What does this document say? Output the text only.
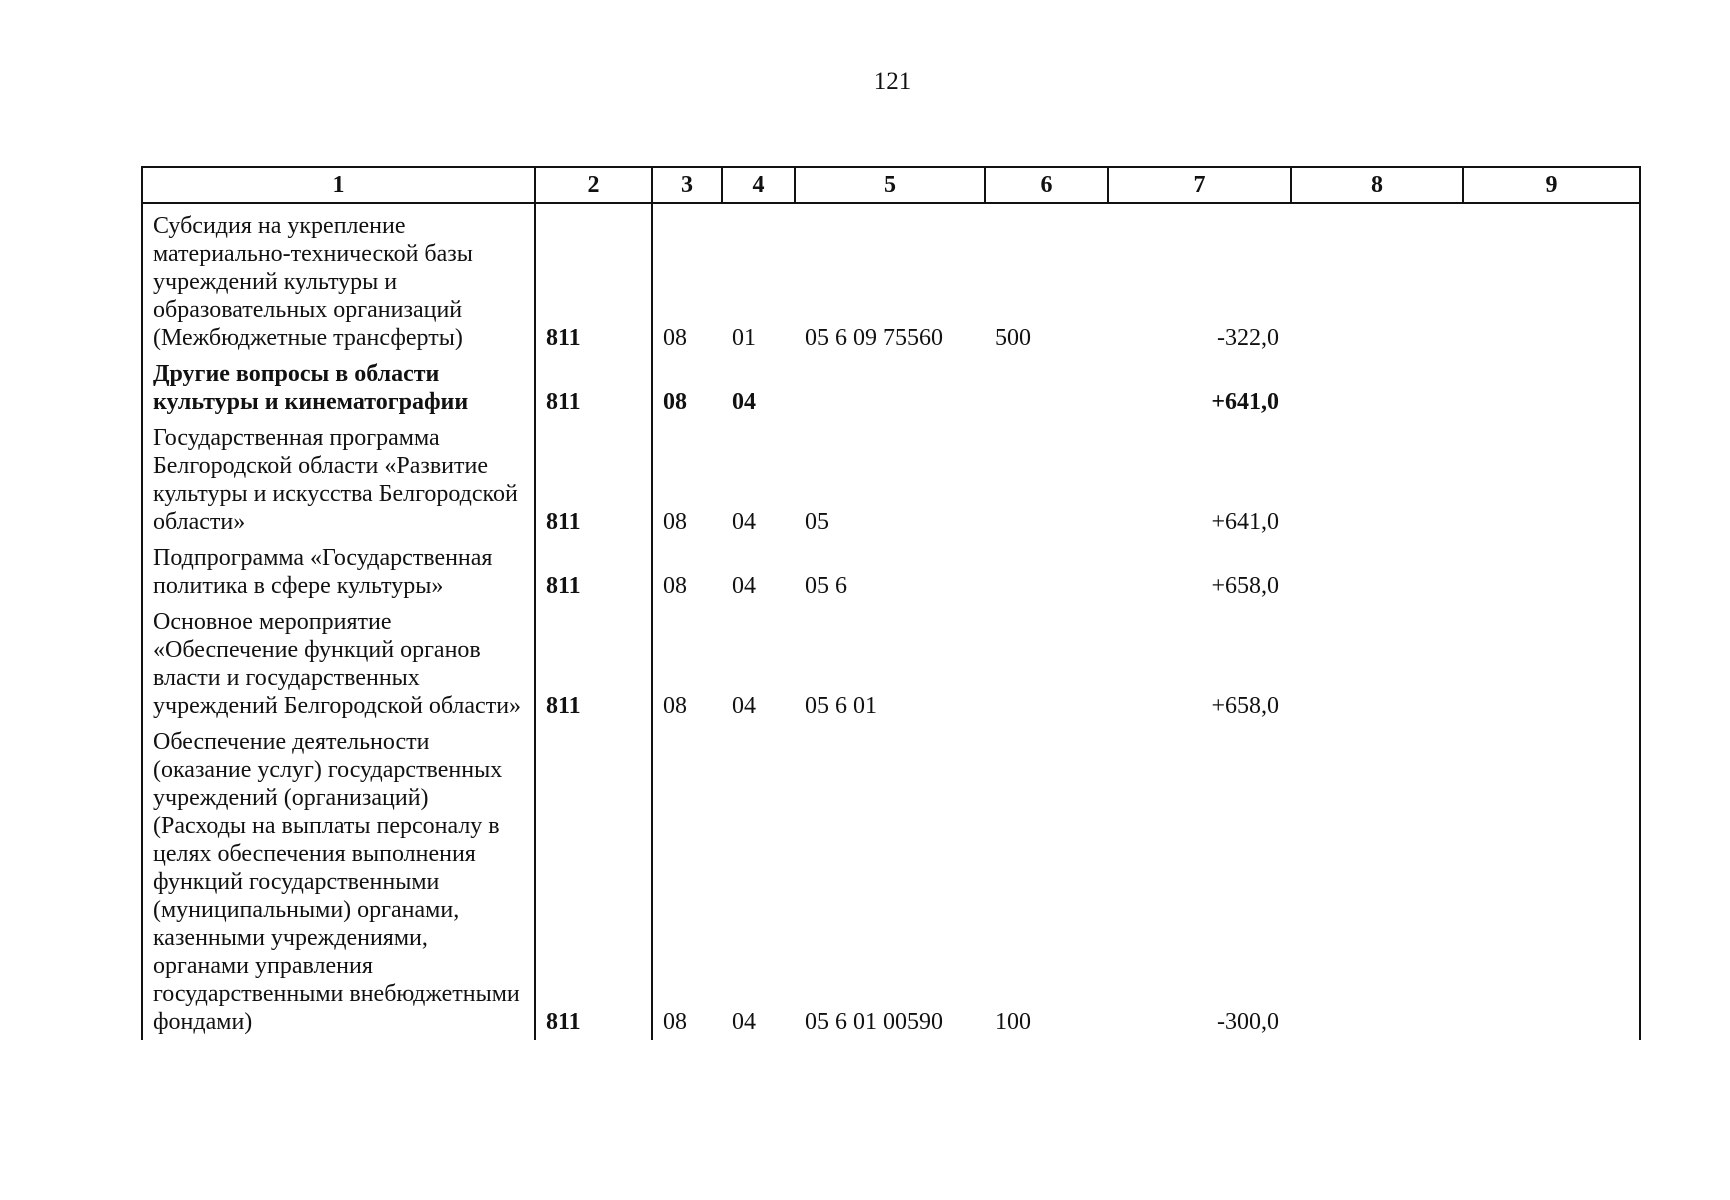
121
1	2	3	4	5	6	7	8	9
Субсидия на укрепление материально-технической базы учреждений культуры и образовательных организаций (Межбюджетные трансферты)	811	08	01	05 6 09 75560	500	-322,0		
Другие вопросы в области культуры и кинематографии	811	08	04			+641,0		
Государственная программа Белгородской области «Развитие культуры и искусства Белгородской области»	811	08	04	05		+641,0		
Подпрограмма «Государственная политика в сфере культуры»	811	08	04	05 6		+658,0		
Основное мероприятие «Обеспечение функций органов власти и государственных учреждений Белгородской области»	811	08	04	05 6 01		+658,0		
Обеспечение деятельности (оказание услуг) государственных учреждений (организаций) (Расходы на выплаты персоналу в целях обеспечения выполнения функций государственными (муниципальными) органами, казенными учреждениями, органами управления государственными внебюджетными фондами)	811	08	04	05 6 01 00590	100	-300,0		
